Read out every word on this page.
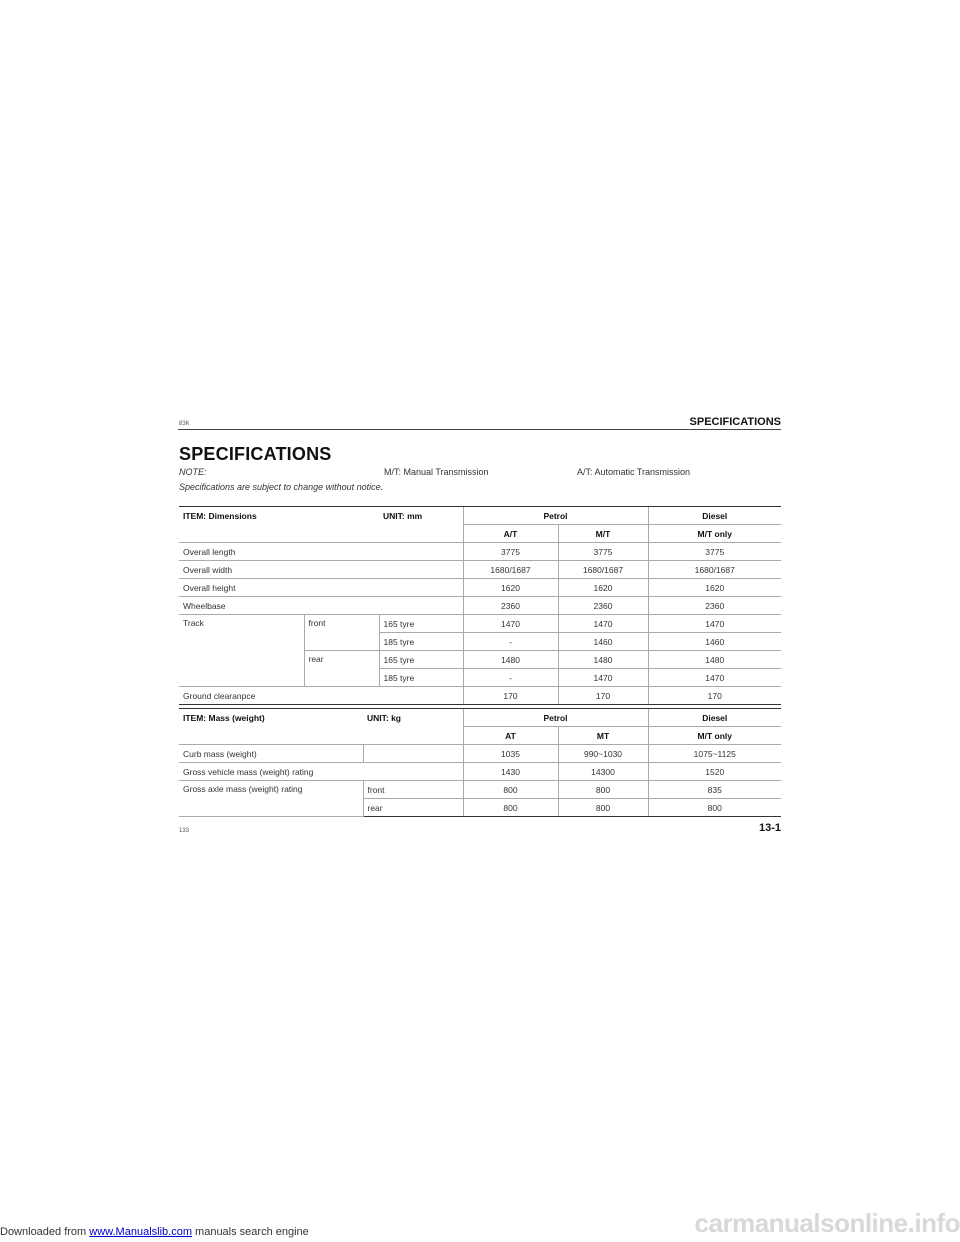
83K	SPECIFICATIONS
SPECIFICATIONS
NOTE:	M/T: Manual Transmission	A/T: Automatic Transmission
Specifications are subject to change without notice.
ITEM: Dimensions		UNIT: mm	Petrol		Diesel
			A/T	M/T	M/T only
Overall length			3775	3775	3775
Overall width			1680/1687	1680/1687	1680/1687
Overall height			1620	1620	1620
Wheelbase			2360	2360	2360
Track	front	165 tyre	1470	1470	1470
		185 tyre	-	1460	1460
	rear	165 tyre	1480	1480	1480
		185 tyre	-	1470	1470
Ground clearanpce			170	170	170
ITEM: Mass (weight)	UNIT: kg	Petrol		Diesel
		AT	MT	M/T only
Curb mass (weight)		1035	990~1030	1075~1125
Gross vehicle mass (weight) rating		1430	14300	1520
Gross axle mass (weight) rating	front	800	800	835
	rear	800	800	800
133	13-1
Downloaded from www.Manualslib.com manuals search engine	carmanualsonline.info
